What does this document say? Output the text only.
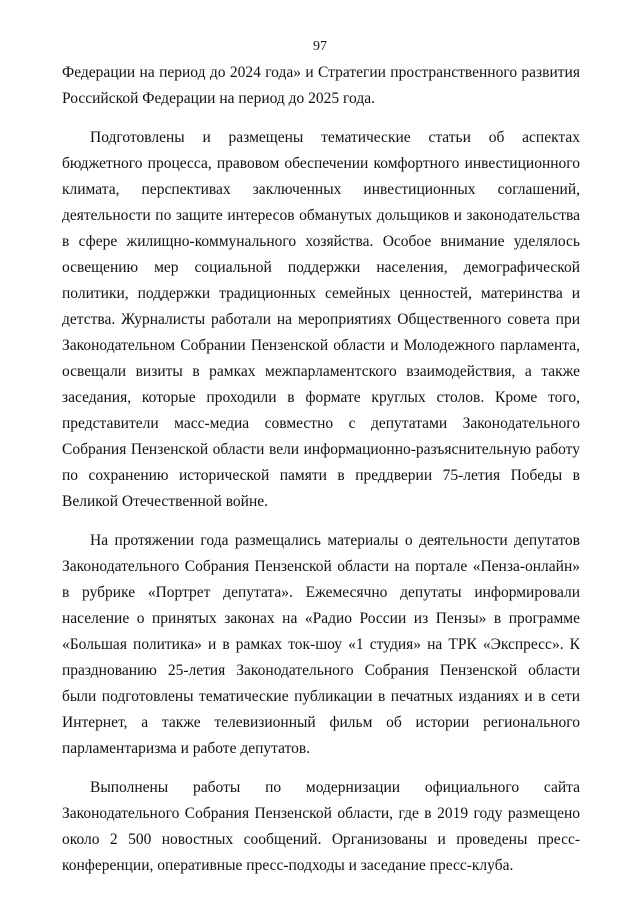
97

Федерации на период до 2024 года» и Стратегии пространственного развития Российской Федерации на период до 2025 года.

Подготовлены и размещены тематические статьи об аспектах бюджетного процесса, правовом обеспечении комфортного инвестиционного климата, перспективах заключенных инвестиционных соглашений, деятельности по защите интересов обманутых дольщиков и законодательства в сфере жилищно-коммунального хозяйства. Особое внимание уделялось освещению мер социальной поддержки населения, демографической политики, поддержки традиционных семейных ценностей, материнства и детства. Журналисты работали на мероприятиях Общественного совета при Законодательном Собрании Пензенской области и Молодежного парламента, освещали визиты в рамках межпарламентского взаимодействия, а также заседания, которые проходили в формате круглых столов. Кроме того, представители масс-медиа совместно с депутатами Законодательного Собрания Пензенской области вели информационно-разъяснительную работу по сохранению исторической памяти в преддверии 75-летия Победы в Великой Отечественной войне.

На протяжении года размещались материалы о деятельности депутатов Законодательного Собрания Пензенской области на портале «Пенза-онлайн» в рубрике «Портрет депутата». Ежемесячно депутаты информировали население о принятых законах на «Радио России из Пензы» в программе «Большая политика» и в рамках ток-шоу «1 студия» на ТРК «Экспресс». К празднованию 25-летия Законодательного Собрания Пензенской области были подготовлены тематические публикации в печатных изданиях и в сети Интернет, а также телевизионный фильм об истории регионального парламентаризма и работе депутатов.

Выполнены работы по модернизации официального сайта Законодательного Собрания Пензенской области, где в 2019 году размещено около 2 500 новостных сообщений. Организованы и проведены пресс-конференции, оперативные пресс-подходы и заседание пресс-клуба.
